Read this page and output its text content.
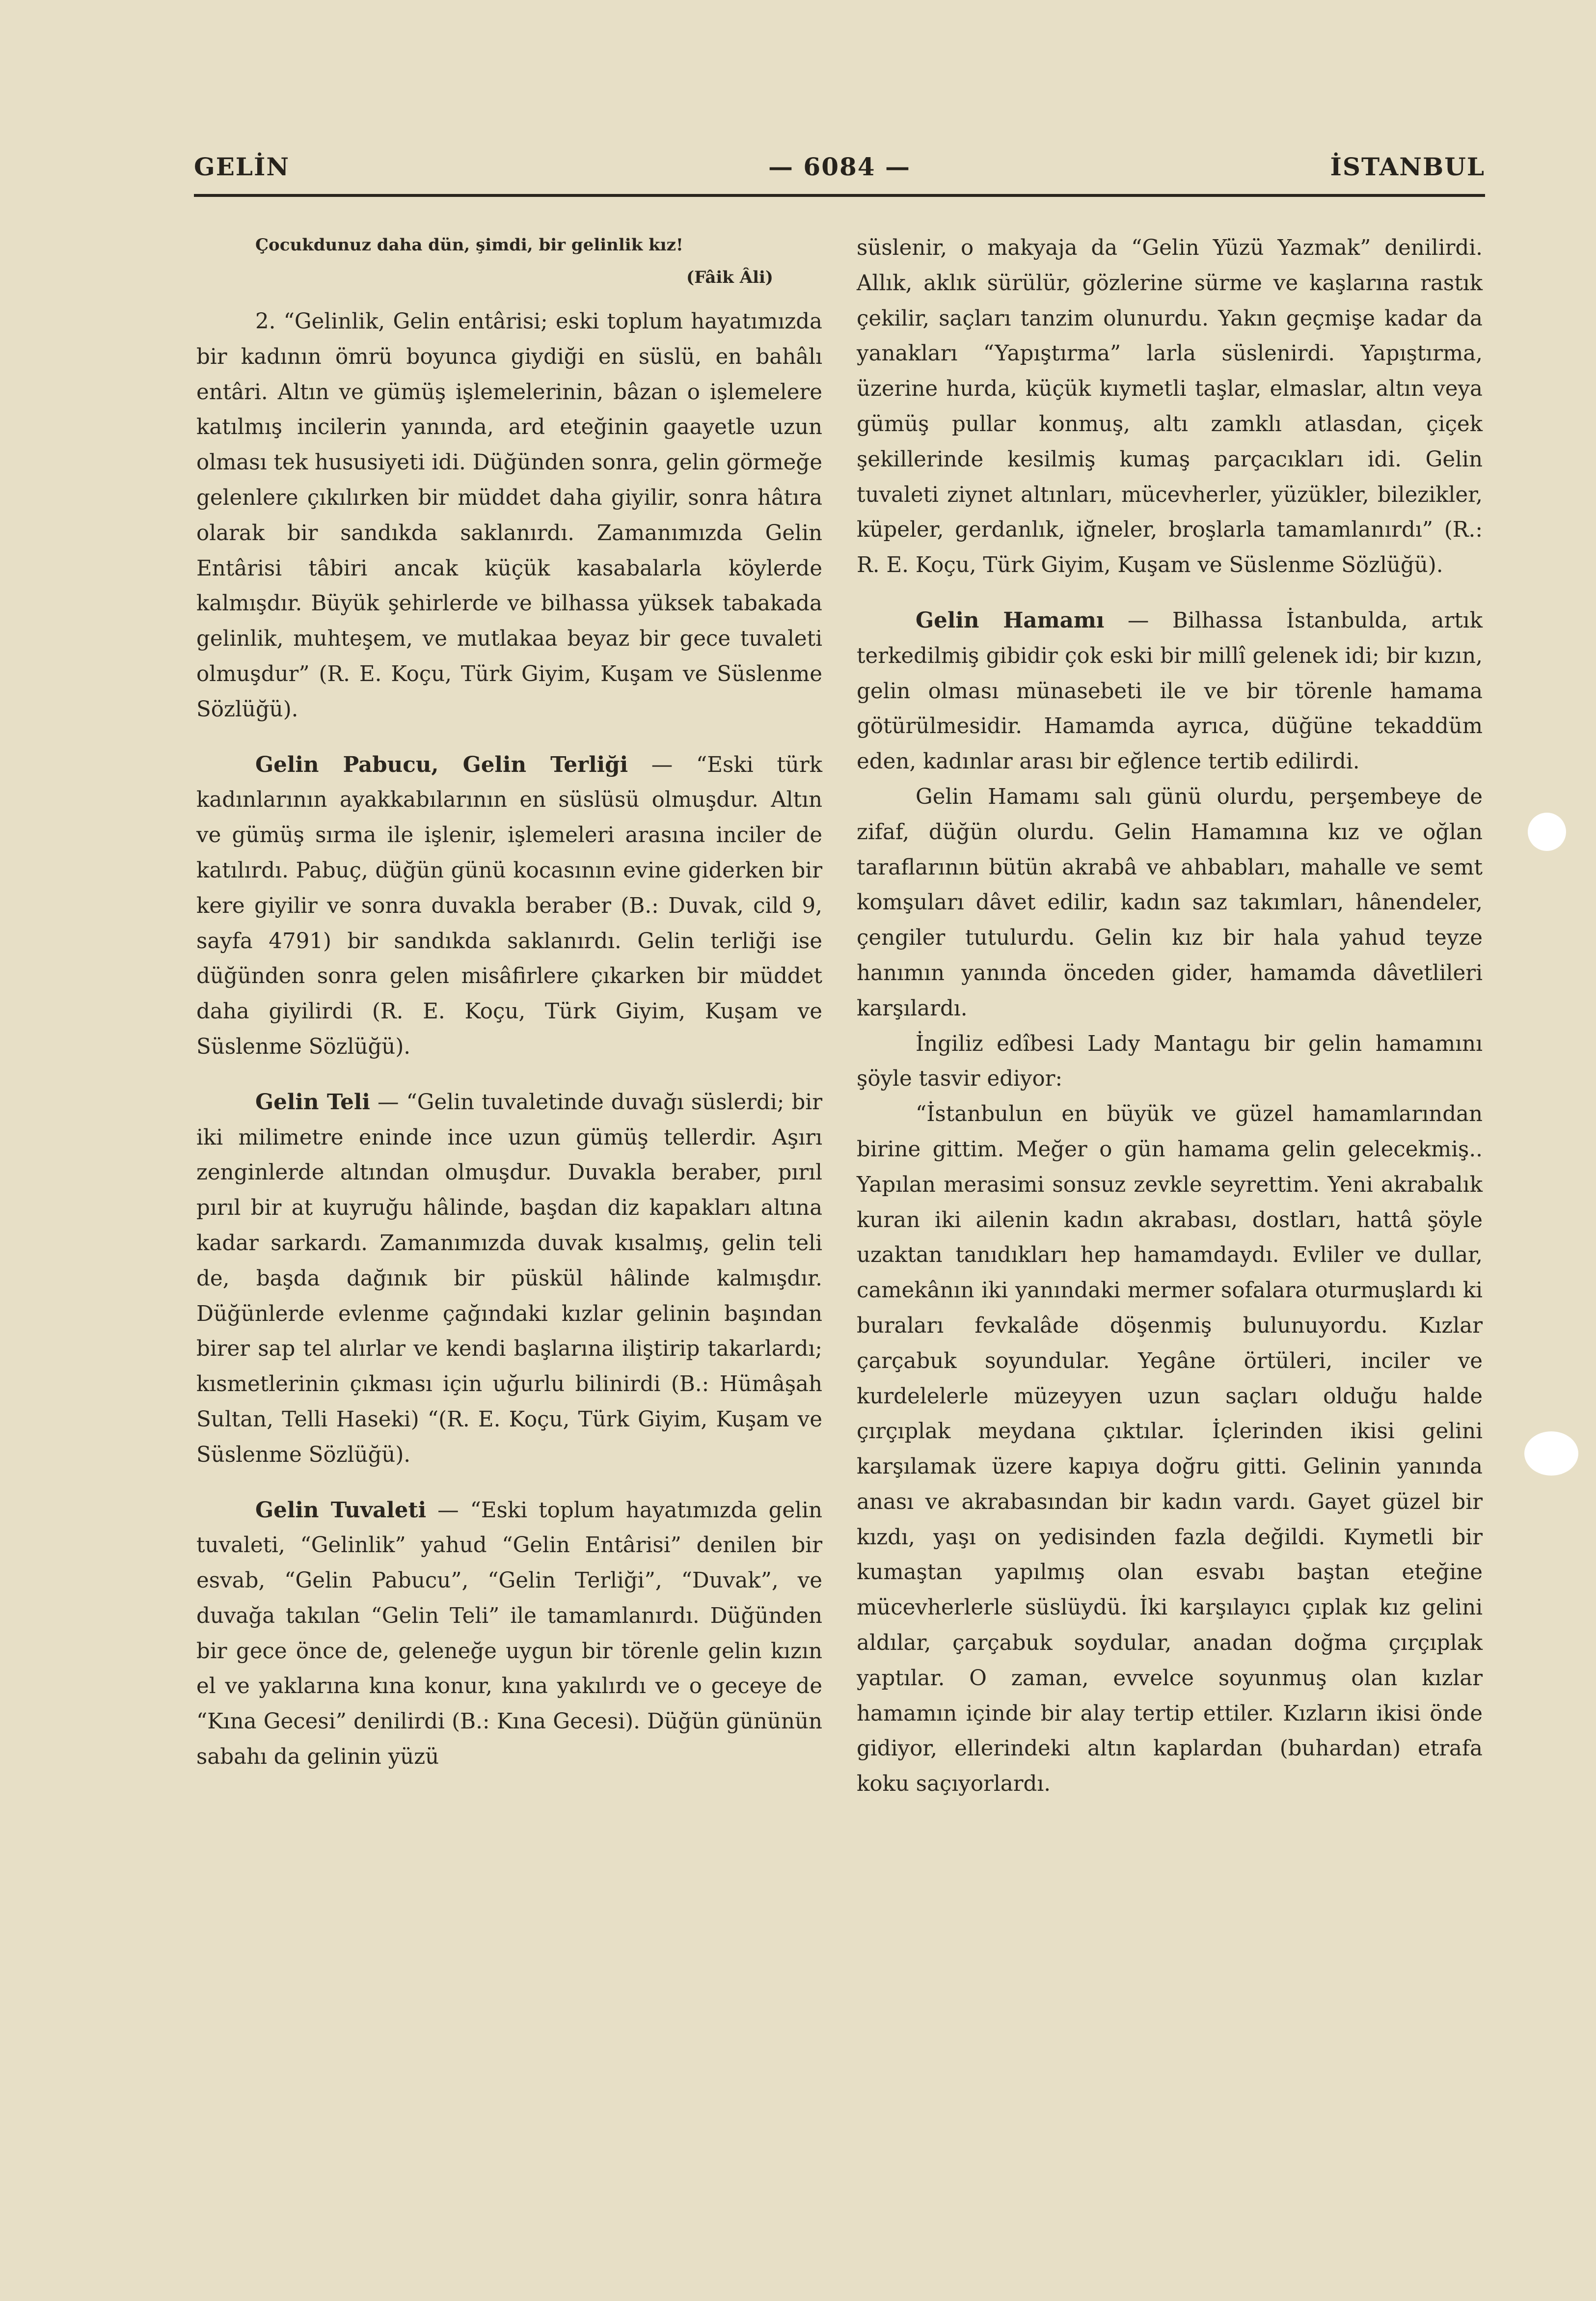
GELİN	— 6084 —	İSTANBUL

Çocukdunuz daha dün, şimdi, bir gelinlik kız!

(Fâik Âli)

2. “Gelinlik, Gelin entârisi; eski toplum hayatımızda bir kadının ömrü boyunca giydiği en süslü, en bahâlı entâri. Altın ve gümüş işlemelerinin, bâzan o işlemelere katılmış incilerin yanında, ard eteğinin gaayetle uzun olması tek hususiyeti idi. Düğünden sonra, gelin görmeğe gelenlere çıkılırken bir müddet daha giyilir, sonra hâtıra olarak bir sandıkda saklanırdı. Zamanımızda Gelin Entârisi tâbiri ancak küçük kasabalarla köylerde kalmışdır. Büyük şehirlerde ve bilhassa yüksek tabakada gelinlik, muhteşem, ve mutlakaa beyaz bir gece tuvaleti olmuşdur” (R. E. Koçu, Türk Giyim, Kuşam ve Süslenme Sözlüğü).

Gelin Pabucu, Gelin Terliği — “Eski türk kadınlarının ayakkabılarının en süslüsü olmuşdur. Altın ve gümüş sırma ile işlenir, işlemeleri arasına inciler de katılırdı. Pabuç, düğün günü kocasının evine giderken bir kere giyilir ve sonra duvakla beraber (B.: Duvak, cild 9, sayfa 4791) bir sandıkda saklanırdı. Gelin terliği ise düğünden sonra gelen misâfirlere çıkarken bir müddet daha giyilirdi (R. E. Koçu, Türk Giyim, Kuşam ve Süslenme Sözlüğü).

Gelin Teli — “Gelin tuvaletinde duvağı süslerdi; bir iki milimetre eninde ince uzun gümüş tellerdir. Aşırı zenginlerde altından olmuşdur. Duvakla beraber, pırıl pırıl bir at kuyruğu hâlinde, başdan diz kapakları altına kadar sarkardı. Zamanımızda duvak kısalmış, gelin teli de, başda dağınık bir püskül hâlinde kalmışdır. Düğünlerde evlenme çağındaki kızlar gelinin başından birer sap tel alırlar ve kendi başlarına iliştirip takarlardı; kısmetlerinin çıkması için uğurlu bilinirdi (B.: Hümâşah Sultan, Telli Haseki) “(R. E. Koçu, Türk Giyim, Kuşam ve Süslenme Sözlüğü).

Gelin Tuvaleti — “Eski toplum hayatımızda gelin tuvaleti, “Gelinlik” yahud “Gelin Entârisi” denilen bir esvab, “Gelin Pabucu”, “Gelin Terliği”, “Duvak”, ve duvağa takılan “Gelin Teli” ile tamamlanırdı. Düğünden bir gece önce de, geleneğe uygun bir törenle gelin kızın el ve yaklarına kına konur, kına yakılırdı ve o geceye de “Kına Gecesi” denilirdi (B.: Kına Gecesi). Düğün gününün sabahı da gelinin yüzü

süslenir, o makyaja da “Gelin Yüzü Yazmak” denilirdi. Allık, aklık sürülür, gözlerine sürme ve kaşlarına rastık çekilir, saçları tanzim olunurdu. Yakın geçmişe kadar da yanakları “Yapıştırma” larla süslenirdi. Yapıştırma, üzerine hurda, küçük kıymetli taşlar, elmaslar, altın veya gümüş pullar konmuş, altı zamklı atlasdan, çiçek şekillerinde kesilmiş kumaş parçacıkları idi. Gelin tuvaleti ziynet altınları, mücevherler, yüzükler, bilezikler, küpeler, gerdanlık, iğneler, broşlarla tamamlanırdı” (R.: R. E. Koçu, Türk Giyim, Kuşam ve Süslenme Sözlüğü).

Gelin Hamamı — Bilhassa İstanbulda, artık terkedilmiş gibidir çok eski bir millî gelenek idi; bir kızın, gelin olması münasebeti ile ve bir törenle hamama götürülmesidir. Hamamda ayrıca, düğüne tekaddüm eden, kadınlar arası bir eğlence tertib edilirdi.

Gelin Hamamı salı günü olurdu, perşembeye de zifaf, düğün olurdu. Gelin Hamamına kız ve oğlan taraflarının bütün akrabâ ve ahbabları, mahalle ve semt komşuları dâvet edilir, kadın saz takımları, hânendeler, çengiler tutulurdu. Gelin kız bir hala yahud teyze hanımın yanında önceden gider, hamamda dâvetlileri karşılardı.

İngiliz edîbesi Lady Mantagu bir gelin hamamını şöyle tasvir ediyor:

“İstanbulun en büyük ve güzel hamamlarından birine gittim. Meğer o gün hamama gelin gelecekmiş.. Yapılan merasimi sonsuz zevkle seyrettim. Yeni akrabalık kuran iki ailenin kadın akrabası, dostları, hattâ şöyle uzaktan tanıdıkları hep hamamdaydı. Evliler ve dullar, camekânın iki yanındaki mermer sofalara oturmuşlardı ki buraları fevkalâde döşenmiş bulunuyordu. Kızlar çarçabuk soyundular. Yegâne örtüleri, inciler ve kurdelelerle müzeyyen uzun saçları olduğu halde çırçıplak meydana çıktılar. İçlerinden ikisi gelini karşılamak üzere kapıya doğru gitti. Gelinin yanında anası ve akrabasından bir kadın vardı. Gayet güzel bir kızdı, yaşı on yedisinden fazla değildi. Kıymetli bir kumaştan yapılmış olan esvabı baştan eteğine mücevherlerle süslüydü. İki karşılayıcı çıplak kız gelini aldılar, çarçabuk soydular, anadan doğma çırçıplak yaptılar. O zaman, evvelce soyunmuş olan kızlar hamamın içinde bir alay tertip ettiler. Kızların ikisi önde gidiyor, ellerindeki altın kaplardan (buhardan) etrafa koku saçıyorlardı.
